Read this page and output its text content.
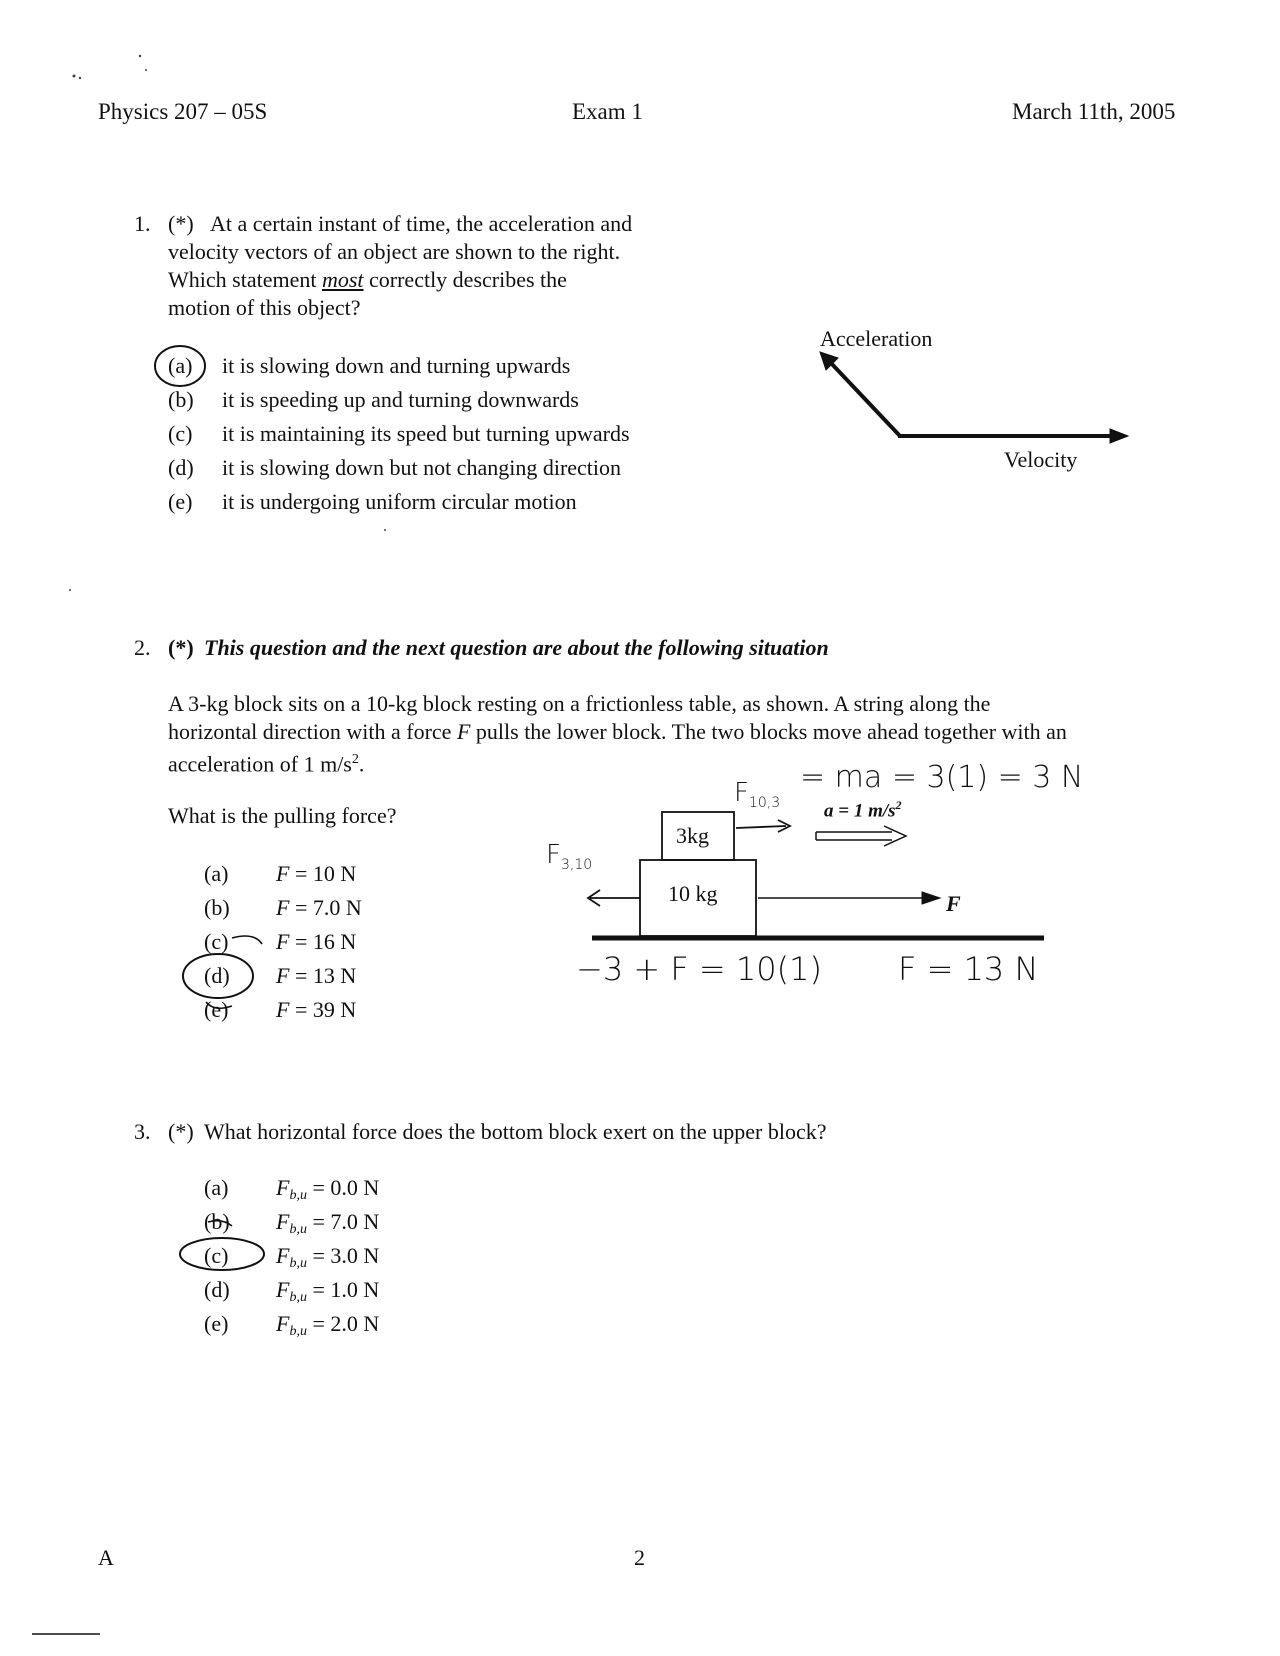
Physics 207 – 05S	Exam 1	March 11th, 2005
1. (*) At a certain instant of time, the acceleration and
velocity vectors of an object are shown to the right.
Which statement most correctly describes the
motion of this object?
(a) it is slowing down and turning upwards
(b) it is speeding up and turning downwards
(c) it is maintaining its speed but turning upwards
(d) it is slowing down but not changing direction
(e) it is undergoing uniform circular motion
Acceleration
Velocity
2. (*) This question and the next question are about the following situation
A 3-kg block sits on a 10-kg block resting on a frictionless table, as shown. A string along the
horizontal direction with a force F pulls the lower block. The two blocks move ahead together with an
acceleration of 1 $m/s^2$.
What is the pulling force?
(a) F = 10 N
(b) F = 7.0 N
(c) F = 16 N
(d) F = 13 N
(e) F = 39 N
3kg
10 kg	F
a = 1 $m/s^2$
$F_{10,3}$
= ma = 3(1) = 3 N
$F_{3,10}$
−3 + F = 10(1) F = 13 N
3. (*) What horizontal force does the bottom block exert on the upper block?
(a) $F_{b,u} = 0.0$ N
(b) $F_{b,u} = 7.0$ N
(c) $F_{b,u} = 3.0$ N
(d) $F_{b,u} = 1.0$ N
(e) $F_{b,u} = 2.0$ N
A	2
